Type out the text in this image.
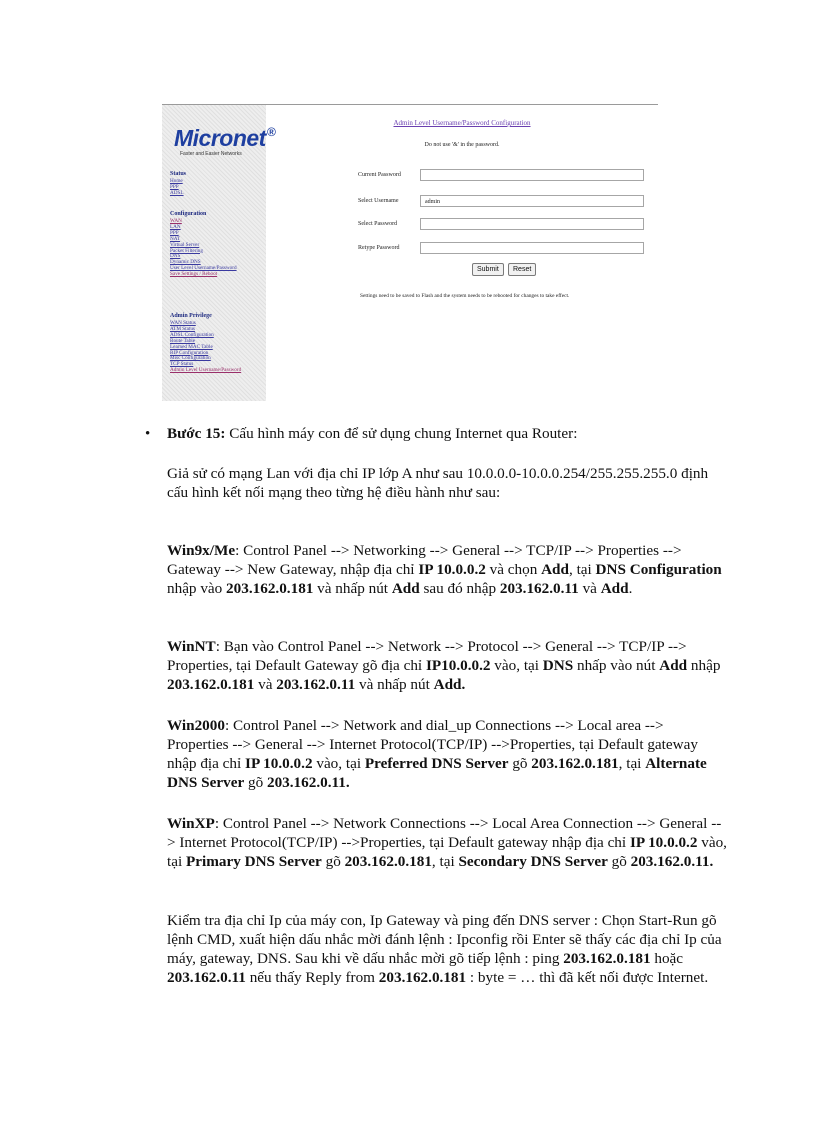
Micronet®
Faster and Easier Networks
Status
Home
PPP
ADSL
Configuration
WAN
LAN
PPP
NAT
Virtual Server
Packet Filtering
DNS
Dynamic DNS
User Level Username/Password
Save Settings / Reboot
Admin Privilege
WAN Status
ATM Status
ADSL Configuration
Route Table
Learned MAC Table
RIP Configuration
Misc Configuration
TCP Status
Admin Level Username/Password
Admin Level Username/Password Configuration
Do not use '&' in the password.
Current Password
Select Username	admin
Select Password
Retype Password
Submit	Reset
Settings need to be saved to Flash and the system needs to be rebooted for changes to take effect.
• Bước 15: Cấu hình máy con để sử dụng chung Internet qua Router:

Giả sử có mạng Lan với địa chỉ IP lớp A như sau 10.0.0.0-10.0.0.254/255.255.255.0 định cấu hình kết nối mạng theo từng hệ điều hành như sau:

Win9x/Me: Control Panel --> Networking --> General --> TCP/IP --> Properties --> Gateway --> New Gateway, nhập địa chỉ IP 10.0.0.2 và chọn Add, tại DNS Configuration nhập vào 203.162.0.181 và nhấp nút Add sau đó nhập 203.162.0.11 và Add.

WinNT: Bạn vào Control Panel --> Network --> Protocol --> General --> TCP/IP --> Properties, tại Default Gateway gõ địa chỉ IP10.0.0.2 vào, tại DNS nhấp vào nút Add nhập 203.162.0.181 và 203.162.0.11 và nhấp nút Add.

Win2000: Control Panel --> Network and dial_up Connections --> Local area --> Properties --> General --> Internet Protocol(TCP/IP) -->Properties, tại Default gateway nhập địa chỉ IP 10.0.0.2 vào, tại Preferred DNS Server gõ 203.162.0.181, tại Alternate DNS Server gõ 203.162.0.11.

WinXP: Control Panel --> Network Connections --> Local Area Connection --> General --> Internet Protocol(TCP/IP) -->Properties, tại Default gateway nhập địa chỉ IP 10.0.0.2 vào, tại Primary DNS Server gõ 203.162.0.181, tại Secondary DNS Server gõ 203.162.0.11.

Kiểm tra địa chỉ Ip của máy con, Ip Gateway và ping đến DNS server : Chọn Start-Run gõ lệnh CMD, xuất hiện dấu nhắc mời đánh lệnh : Ipconfig rồi Enter sẽ thấy các địa chỉ Ip của máy, gateway, DNS. Sau khi về dấu nhắc mời gõ tiếp lệnh : ping 203.162.0.181 hoặc 203.162.0.11 nếu thấy Reply from 203.162.0.181 : byte = … thì đã kết nối được Internet.
